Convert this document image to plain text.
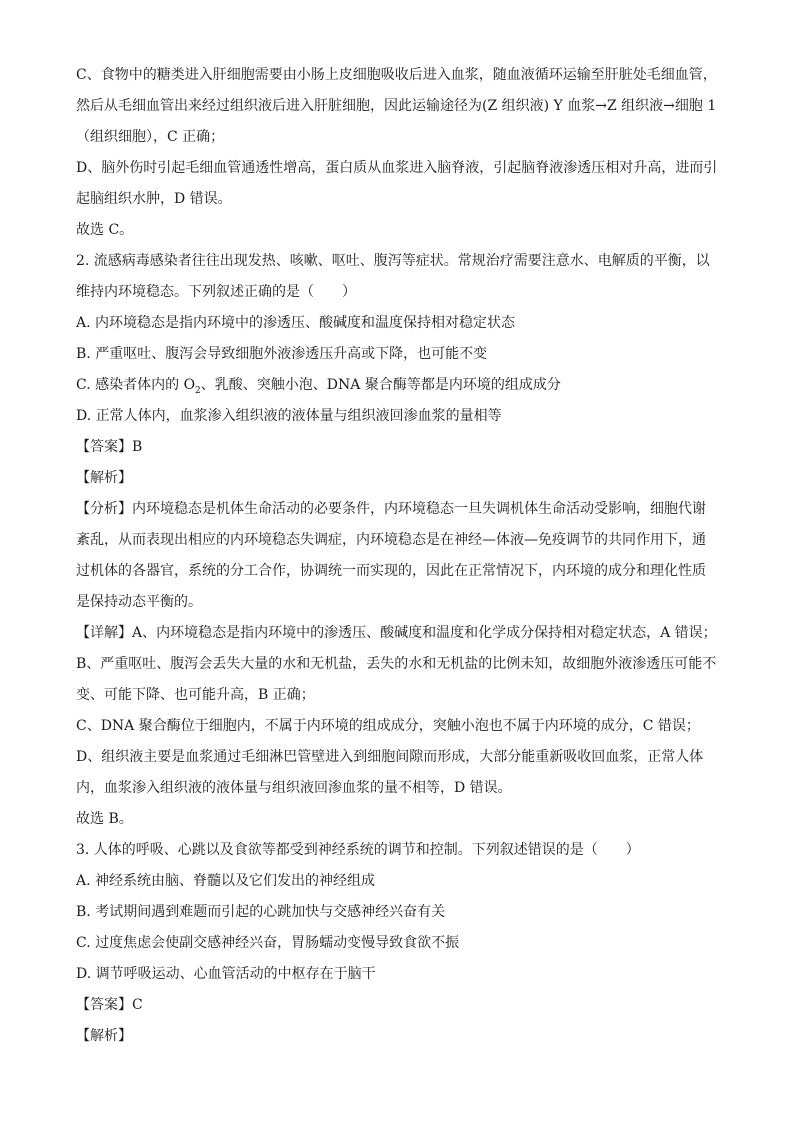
C、食物中的糖类进入肝细胞需要由小肠上皮细胞吸收后进入血浆，随血液循环运输至肝脏处毛细血管，
然后从毛细血管出来经过组织液后进入肝脏细胞，因此运输途径为(Z 组织液) Y 血浆→Z 组织液→细胞 1
（组织细胞），C 正确；
D、脑外伤时引起毛细血管通透性增高，蛋白质从血浆进入脑脊液，引起脑脊液渗透压相对升高，进而引
起脑组织水肿，D 错误。
故选 C。
2. 流感病毒感染者往往出现发热、咳嗽、呕吐、腹泻等症状。常规治疗需要注意水、电解质的平衡，以
维持内环境稳态。下列叙述正确的是（　　）
A. 内环境稳态是指内环境中的渗透压、酸碱度和温度保持相对稳定状态
B. 严重呕吐、腹泻会导致细胞外液渗透压升高或下降，也可能不变
C. 感染者体内的 $O_2$、乳酸、突触小泡、DNA 聚合酶等都是内环境的组成成分
D. 正常人体内，血浆渗入组织液的液体量与组织液回渗血浆的量相等
【答案】B
【解析】
【分析】内环境稳态是机体生命活动的必要条件，内环境稳态一旦失调机体生命活动受影响，细胞代谢
紊乱，从而表现出相应的内环境稳态失调症，内环境稳态是在神经—体液—免疫调节的共同作用下，通
过机体的各器官，系统的分工合作，协调统一而实现的，因此在正常情况下，内环境的成分和理化性质
是保持动态平衡的。
【详解】A、内环境稳态是指内环境中的渗透压、酸碱度和温度和化学成分保持相对稳定状态，A 错误；
B、严重呕吐、腹泻会丢失大量的水和无机盐，丢失的水和无机盐的比例未知，故细胞外液渗透压可能不
变、可能下降、也可能升高，B 正确；
C、DNA 聚合酶位于细胞内，不属于内环境的组成成分，突触小泡也不属于内环境的成分，C 错误；
D、组织液主要是血浆通过毛细淋巴管壁进入到细胞间隙而形成，大部分能重新吸收回血浆，正常人体
内，血浆渗入组织液的液体量与组织液回渗血浆的量不相等，D 错误。
故选 B。
3. 人体的呼吸、心跳以及食欲等都受到神经系统的调节和控制。下列叙述错误的是（　　）
A. 神经系统由脑、脊髓以及它们发出的神经组成
B. 考试期间遇到难题而引起的心跳加快与交感神经兴奋有关
C. 过度焦虑会使副交感神经兴奋，胃肠蠕动变慢导致食欲不振
D. 调节呼吸运动、心血管活动的中枢存在于脑干
【答案】C
【解析】
